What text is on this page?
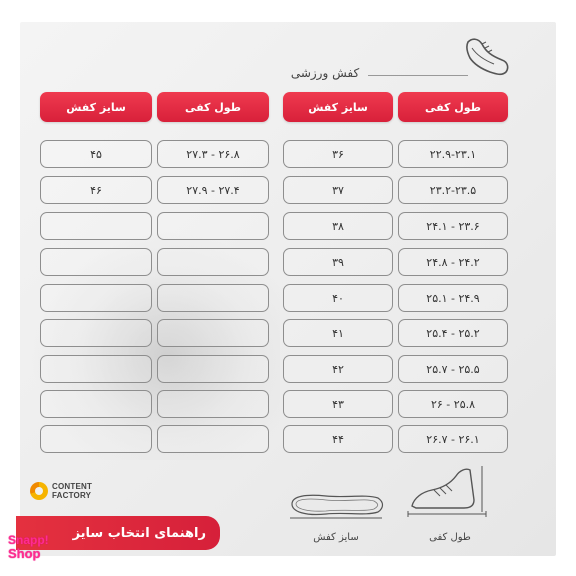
کفش ورزشی
طول کفی
سایز کفش
طول کفی
سایز کفش
۲۲.۹-۲۳.۱
۳۶
۲۳.۲-۲۳.۵
۳۷
۲۳.۶ - ۲۴.۱
۳۸
۲۴.۲ - ۲۴.۸
۳۹
۲۴.۹ - ۲۵.۱
۴۰
۲۵.۲ - ۲۵.۴
۴۱
۲۵.۵ - ۲۵.۷
۴۲
۲۵.۸ - ۲۶
۴۳
۲۶.۱ - ۲۶.۷
۴۴
۲۶.۸ - ۲۷.۳
۴۵
۲۷.۴ - ۲۷.۹
۴۶
طول کفی
سایز کفش
CONTENT
FACTORY
راهنمای انتخاب سایز
Snapp!
Shop
